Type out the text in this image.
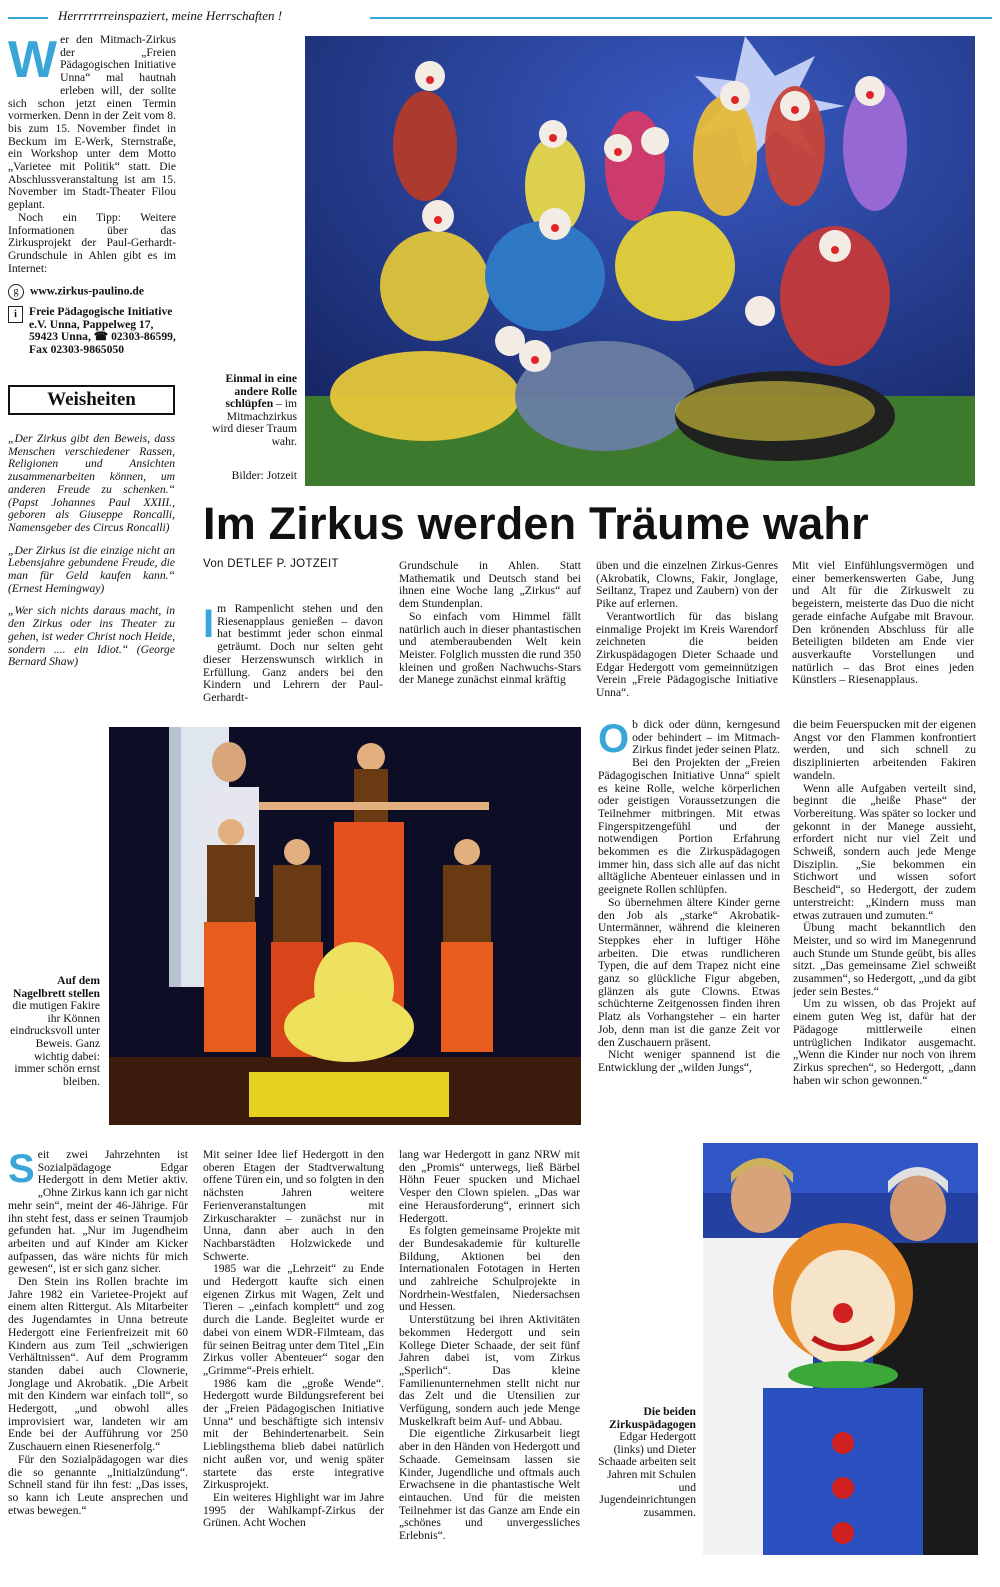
Herrrrrrreinspaziert, meine Herrschaften !
W er den Mitmach-Zirkus der „Freien Pädagogischen Initiative Unna“ mal hautnah erleben will, der sollte sich schon jetzt einen Termin vormerken. Denn in der Zeit vom 8. bis zum 15. November findet in Beckum im E-Werk, Sternstraße, ein Workshop unter dem Motto „Varietee mit Politik“ statt. Die Abschlussveranstaltung ist am 15. November im Stadt-Theater Filou geplant.

Noch ein Tipp: Weitere Informationen über das Zirkusprojekt der Paul-Gerhardt-Grundschule in Ahlen gibt es im Internet:

g www.zirkus-paulino.de
i	Freie Pädagogische Initiative e.V. Unna, Pappelweg 17, 59423 Unna, ☎ 02303-86599, Fax 02303-9865050
Weisheiten

„Der Zirkus gibt den Beweis, dass Menschen verschiedener Rassen, Religionen und Ansichten zusammenarbeiten können, um anderen Freude zu schenken.“ (Papst Johannes Paul XXIII., geboren als Giuseppe Roncalli, Namensgeber des Circus Roncalli)

„Der Zirkus ist die einzige nicht an Lebensjahre gebundene Freude, die man für Geld kaufen kann.“ (Ernest Hemingway)

„Wer sich nichts daraus macht, in den Zirkus oder ins Theater zu gehen, ist weder Christ noch Heide, sondern .... ein Idiot.“ (George Bernard Shaw)

Einmal in eine andere Rolle schlüpfen – im Mitmachzirkus wird dieser Traum wahr.
Bilder: Jotzeit
Im Zirkus werden Träume wahr
Von DETLEF P. JOTZEIT
I m Rampenlicht stehen und den Riesenapplaus genießen – davon hat bestimmt jeder schon einmal geträumt. Doch nur selten geht dieser Herzenswunsch wirklich in Erfüllung. Ganz anders bei den Kindern und Lehrern der Paul-Gerhardt-

Grundschule in Ahlen. Statt Mathematik und Deutsch stand bei ihnen eine Woche lang „Zirkus“ auf dem Stundenplan.

So einfach vom Himmel fällt natürlich auch in dieser phantastischen und atemberaubenden Welt kein Meister. Folglich mussten die rund 350 kleinen und großen Nachwuchs-Stars der Manege zunächst einmal kräftig

üben und die einzelnen Zirkus-Genres (Akrobatik, Clowns, Fakir, Jonglage, Seiltanz, Trapez und Zaubern) von der Pike auf erlernen.

Verantwortlich für das bislang einmalige Projekt im Kreis Warendorf zeichneten die beiden Zirkuspädagogen Dieter Schaade und Edgar Hedergott vom gemeinnützigen Verein „Freie Pädagogische Initiative Unna“.

Mit viel Einfühlungsvermögen und einer bemerkenswerten Gabe, Jung und Alt für die Zirkuswelt zu begeistern, meisterte das Duo die nicht gerade einfache Aufgabe mit Bravour. Den krönenden Abschluss für alle Beteiligten bildeten am Ende vier ausverkaufte Vorstellungen und natürlich – das Brot eines jeden Künstlers – Riesenapplaus.

Auf dem Nagelbrett stellen die mutigen Fakire ihr Können eindrucksvoll unter Beweis. Ganz wichtig dabei: immer schön ernst bleiben.
O b dick oder dünn, kerngesund oder behindert – im Mitmach-Zirkus findet jeder seinen Platz. Bei den Projekten der „Freien Pädagogischen Initiative Unna“ spielt es keine Rolle, welche körperlichen oder geistigen Voraussetzungen die Teilnehmer mitbringen. Mit etwas Fingerspitzengefühl und der notwendigen Portion Erfahrung bekommen es die Zirkuspädagogen immer hin, dass sich alle auf das nicht alltägliche Abenteuer einlassen und in geeignete Rollen schlüpfen.

So übernehmen ältere Kinder gerne den Job als „starke“ Akrobatik-Untermänner, während die kleineren Steppkes eher in luftiger Höhe arbeiten. Die etwas rundlicheren Typen, die auf dem Trapez nicht eine ganz so glückliche Figur abgeben, glänzen als gute Clowns. Etwas schüchterne Zeitgenossen finden ihren Platz als Vorhangsteher – ein harter Job, denn man ist die ganze Zeit vor den Zuschauern präsent.

Nicht weniger spannend ist die Entwicklung der „wilden Jungs“,

die beim Feuerspucken mit der eigenen Angst vor den Flammen konfrontiert werden, und sich schnell zu disziplinierten arbeitenden Fakiren wandeln.

Wenn alle Aufgaben verteilt sind, beginnt die „heiße Phase“ der Vorbereitung. Was später so locker und gekonnt in der Manege aussieht, erfordert nicht nur viel Zeit und Schweiß, sondern auch jede Menge Disziplin. „Sie bekommen ein Stichwort und wissen sofort Bescheid“, so Hedergott, der zudem unterstreicht: „Kindern muss man etwas zutrauen und zumuten.“

Übung macht bekanntlich den Meister, und so wird im Manegenrund auch Stunde um Stunde geübt, bis alles sitzt. „Das gemeinsame Ziel schweißt zusammen“, so Hedergott, „und da gibt jeder sein Bestes.“

Um zu wissen, ob das Projekt auf einem guten Weg ist, dafür hat der Pädagoge mittlerweile einen untrüglichen Indikator ausgemacht. „Wenn die Kinder nur noch von ihrem Zirkus sprechen“, so Hedergott, „dann haben wir schon gewonnen.“

S eit zwei Jahrzehnten ist Sozialpädagoge Edgar Hedergott in dem Metier aktiv. „Ohne Zirkus kann ich gar nicht mehr sein“, meint der 46-Jährige. Für ihn steht fest, dass er seinen Traumjob gefunden hat. „Nur im Jugendheim arbeiten und auf Kinder am Kicker aufpassen, das wäre nichts für mich gewesen“, ist er sich ganz sicher.

Den Stein ins Rollen brachte im Jahre 1982 ein Varietee-Projekt auf einem alten Rittergut. Als Mitarbeiter des Jugendamtes in Unna betreute Hedergott eine Ferienfreizeit mit 60 Kindern aus zum Teil „schwierigen Verhältnissen“. Auf dem Programm standen dabei auch Clownerie, Jonglage und Akrobatik. „Die Arbeit mit den Kindern war einfach toll“, so Hedergott, „und obwohl alles improvisiert war, landeten wir am Ende bei der Aufführung vor 250 Zuschauern einen Riesenerfolg.“

Für den Sozialpädagogen war dies die so genannte „Initialzündung“. Schnell stand für ihn fest: „Das isses, so kann ich Leute ansprechen und etwas bewegen.“

Mit seiner Idee lief Hedergott in den oberen Etagen der Stadtverwaltung offene Türen ein, und so folgten in den nächsten Jahren weitere Ferienveranstaltungen mit Zirkuscharakter – zunächst nur in Unna, dann aber auch in den Nachbarstädten Holzwickede und Schwerte.

1985 war die „Lehrzeit“ zu Ende und Hedergott kaufte sich einen eigenen Zirkus mit Wagen, Zelt und Tieren – „einfach komplett“ und zog durch die Lande. Begleitet wurde er dabei von einem WDR-Filmteam, das für seinen Beitrag unter dem Titel „Ein Zirkus voller Abenteuer“ sogar den „Grimme“-Preis erhielt.

1986 kam die „große Wende“. Hedergott wurde Bildungsreferent bei der „Freien Pädagogischen Initiative Unna“ und beschäftigte sich intensiv mit der Behindertenarbeit. Sein Lieblingsthema blieb dabei natürlich nicht außen vor, und wenig später startete das erste integrative Zirkusprojekt.

Ein weiteres Highlight war im Jahre 1995 der Wahlkampf-Zirkus der Grünen. Acht Wochen

lang war Hedergott in ganz NRW mit den „Promis“ unterwegs, ließ Bärbel Höhn Feuer spucken und Michael Vesper den Clown spielen. „Das war eine Herausforderung“, erinnert sich Hedergott.

Es folgten gemeinsame Projekte mit der Bundesakademie für kulturelle Bildung, Aktionen bei den Internationalen Fototagen in Herten und zahlreiche Schulprojekte in Nordrhein-Westfalen, Niedersachsen und Hessen.

Unterstützung bei ihren Aktivitäten bekommen Hedergott und sein Kollege Dieter Schaade, der seit fünf Jahren dabei ist, vom Zirkus „Sperlich“. Das kleine Familienunternehmen stellt nicht nur das Zelt und die Utensilien zur Verfügung, sondern auch jede Menge Muskelkraft beim Auf- und Abbau.

Die eigentliche Zirkusarbeit liegt aber in den Händen von Hedergott und Schaade. Gemeinsam lassen sie Kinder, Jugendliche und oftmals auch Erwachsene in die phantastische Welt eintauchen. Und für die meisten Teilnehmer ist das Ganze am Ende ein „schönes und unvergessliches Erlebnis“.

Die beiden Zirkuspädagogen Edgar Hedergott (links) und Dieter Schaade arbeiten seit Jahren mit Schulen und Jugendeinrichtungen zusammen.
